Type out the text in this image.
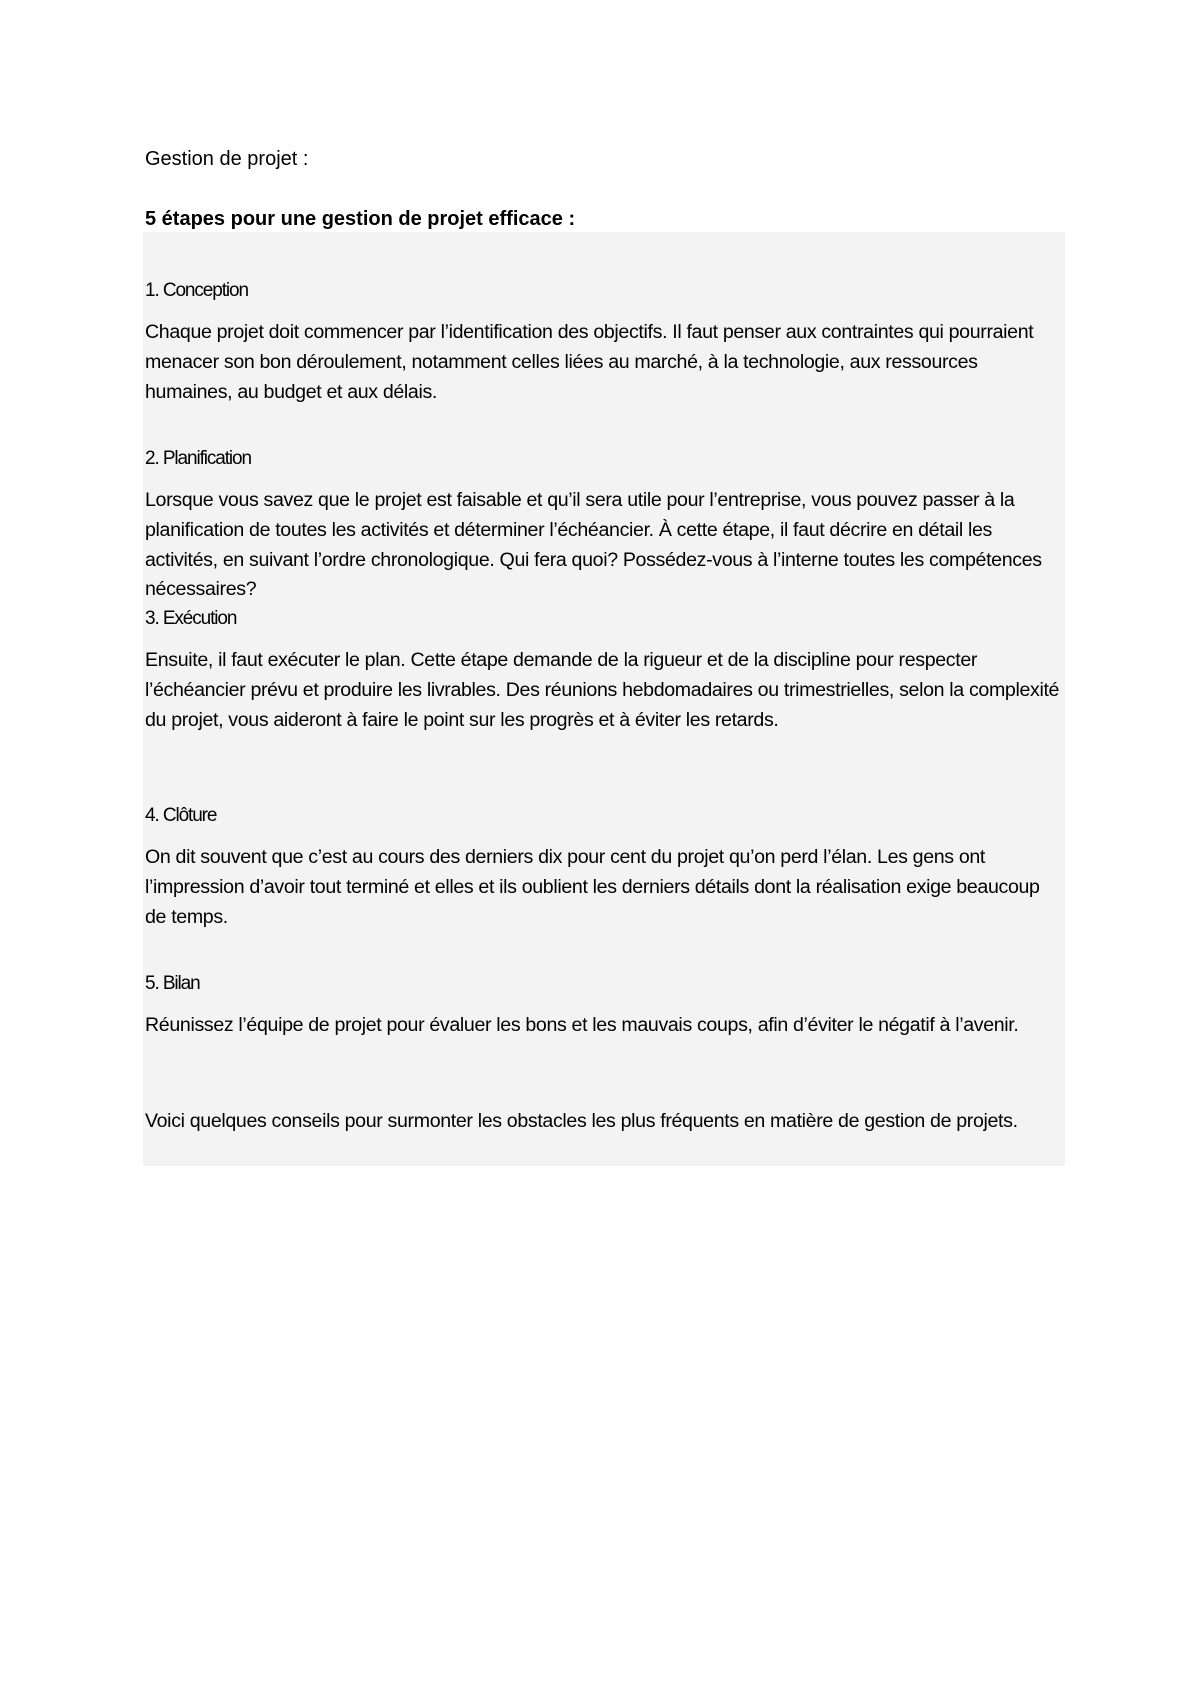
Gestion de projet :
5 étapes pour une gestion de projet efficace :
1. Conception

Chaque projet doit commencer par l’identification des objectifs. Il faut penser aux contraintes qui pourraient menacer son bon déroulement, notamment celles liées au marché, à la technologie, aux ressources humaines, au budget et aux délais.

2. Planification

Lorsque vous savez que le projet est faisable et qu’il sera utile pour l’entreprise, vous pouvez passer à la planification de toutes les activités et déterminer l’échéancier. À cette étape, il faut décrire en détail les activités, en suivant l’ordre chronologique. Qui fera quoi? Possédez-vous à l’interne toutes les compétences nécessaires?

3. Exécution

Ensuite, il faut exécuter le plan. Cette étape demande de la rigueur et de la discipline pour respecter l’échéancier prévu et produire les livrables. Des réunions hebdomadaires ou trimestrielles, selon la complexité du projet, vous aideront à faire le point sur les progrès et à éviter les retards.

4. Clôture

On dit souvent que c’est au cours des derniers dix pour cent du projet qu’on perd l’élan. Les gens ont l’impression d’avoir tout terminé et elles et ils oublient les derniers détails dont la réalisation exige beaucoup de temps.

5. Bilan

Réunissez l’équipe de projet pour évaluer les bons et les mauvais coups, afin d’éviter le négatif à l’avenir.

Voici quelques conseils pour surmonter les obstacles les plus fréquents en matière de gestion de projets.
